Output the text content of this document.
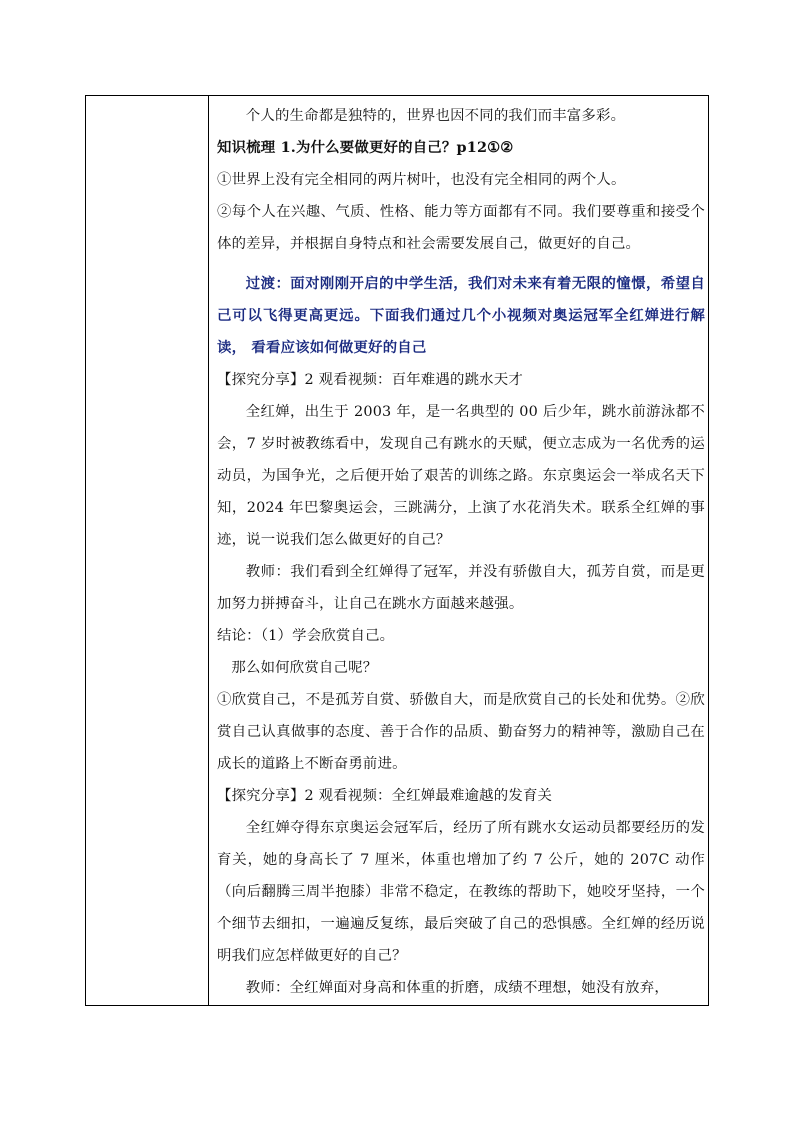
个人的生命都是独特的，世界也因不同的我们而丰富多彩。

知识梳理 1.为什么要做更好的自己？p12①②

①世界上没有完全相同的两片树叶，也没有完全相同的两个人。

②每个人在兴趣、气质、性格、能力等方面都有不同。我们要尊重和接受个体的差异，并根据自身特点和社会需要发展自己，做更好的自己。

过渡：面对刚刚开启的中学生活，我们对未来有着无限的憧憬，希望自己可以飞得更高更远。下面我们通过几个小视频对奥运冠军全红婵进行解读， 看看应该如何做更好的自己

【探究分享】2 观看视频：百年难遇的跳水天才

全红婵，出生于 2003 年，是一名典型的 00 后少年，跳水前游泳都不会，7 岁时被教练看中，发现自己有跳水的天赋，便立志成为一名优秀的运动员，为国争光，之后便开始了艰苦的训练之路。东京奥运会一举成名天下知，2024 年巴黎奥运会，三跳满分，上演了水花消失术。联系全红婵的事迹，说一说我们怎么做更好的自己？

教师：我们看到全红婵得了冠军，并没有骄傲自大，孤芳自赏，而是更加努力拼搏奋斗，让自己在跳水方面越来越强。

结论：（1）学会欣赏自己。

那么如何欣赏自己呢？

①欣赏自己，不是孤芳自赏、骄傲自大，而是欣赏自己的长处和优势。②欣赏自己认真做事的态度、善于合作的品质、勤奋努力的精神等，激励自己在成长的道路上不断奋勇前进。

【探究分享】2 观看视频：全红婵最难逾越的发育关

全红婵夺得东京奥运会冠军后，经历了所有跳水女运动员都要经历的发育关，她的身高长了 7 厘米，体重也增加了约 7 公斤，她的 207C 动作（向后翻腾三周半抱膝）非常不稳定，在教练的帮助下，她咬牙坚持，一个个细节去细扣，一遍遍反复练，最后突破了自己的恐惧感。全红婵的经历说明我们应怎样做更好的自己？

教师：全红婵面对身高和体重的折磨，成绩不理想，她没有放弃，
